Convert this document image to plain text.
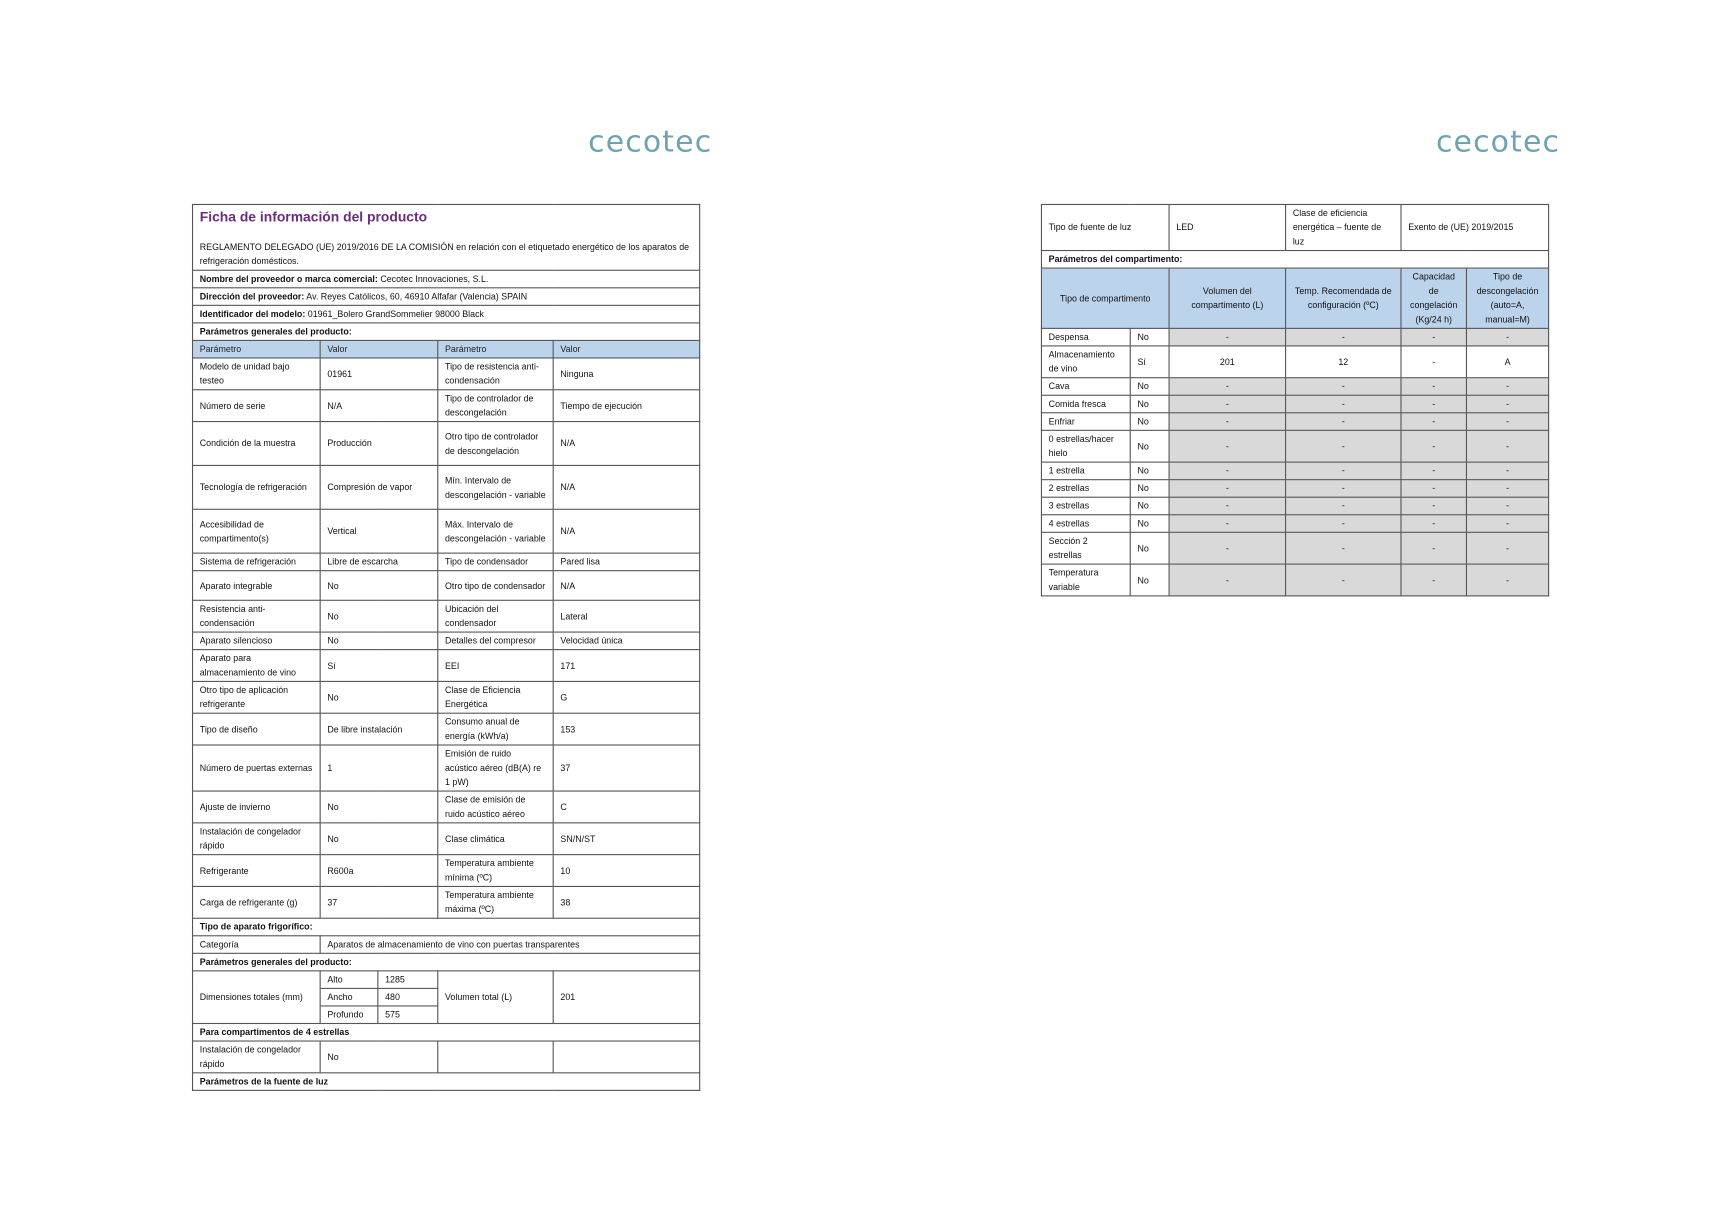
cecotec	cecotec
Ficha de información del producto				
REGLAMENTO DELEGADO (UE) 2019/2016 DE LA COMISIÓN en relación con el etiquetado energético de los aparatos de refrigeración domésticos.				
Nombre del proveedor o marca comercial: Cecotec Innovaciones, S.L.				
Dirección del proveedor: Av. Reyes Católicos, 60, 46910 Alfafar (Valencia) SPAIN				
Identificador del modelo: 01961_Bolero GrandSommelier 98000 Black				
Parámetros generales del producto:				
Parámetro	Valor		Parámetro	Valor
Modelo de unidad bajo testeo	01961		Tipo de resistencia anti-condensación	Ninguna
Número de serie	N/A		Tipo de controlador de descongelación	Tiempo de ejecución
Condición de la muestra	Producción		Otro tipo de controlador de descongelación	N/A
Tecnología de refrigeración	Compresión de vapor		Mín. Intervalo de descongelación - variable	N/A
Accesibilidad de compartimento(s)	Vertical		Máx. Intervalo de descongelación - variable	N/A
Sistema de refrigeración	Libre de escarcha		Tipo de condensador	Pared lisa
Aparato integrable	No		Otro tipo de condensador	N/A
Resistencia anti-condensación	No		Ubicación del condensador	Lateral
Aparato silencioso	No		Detalles del compresor	Velocidad única
Aparato para almacenamiento de vino	Sí		EEI	171
Otro tipo de aplicación refrigerante	No		Clase de Eficiencia Energética	G
Tipo de diseño	De libre instalación		Consumo anual de energía (kWh/a)	153
Número de puertas externas	1		Emisión de ruido acústico aéreo (dB(A) re 1 pW)	37
Ajuste de invierno	No		Clase de emisión de ruido acústico aéreo	C
Instalación de congelador rápido	No		Clase climática	SN/N/ST
Refrigerante	R600a		Temperatura ambiente mínima (ºC)	10
Carga de refrigerante (g)	37		Temperatura ambiente máxima (ºC)	38
Tipo de aparato frigorífico:				
Categoría	Aparatos de almacenamiento de vino con puertas transparentes			
Parámetros generales del producto:				
Dimensiones totales (mm)	Alto	1285	Volumen total (L)	201
	Ancho	480		
	Profundo	575		
Para compartimentos de 4 estrellas				
Instalación de congelador rápido	No			
Parámetros de la fuente de luz				
Tipo de fuente de luz		LED	Clase de eficiencia energética – fuente de luz	Exento de (UE) 2019/2015	
Parámetros del compartimento:					
Tipo de compartimento		Volumen del compartimento (L)	Temp. Recomendada de configuración (ºC)	Capacidad de congelación (Kg/24 h)	Tipo de descongelación (auto=A, manual=M)
Despensa	No	-	-	-	-
Almacenamiento de vino	Sí	201	12	-	A
Cava	No	-	-	-	-
Comida fresca	No	-	-	-	-
Enfriar	No	-	-	-	-
0 estrellas/hacer hielo	No	-	-	-	-
1 estrella	No	-	-	-	-
2 estrellas	No	-	-	-	-
3 estrellas	No	-	-	-	-
4 estrellas	No	-	-	-	-
Sección 2 estrellas	No	-	-	-	-
Temperatura variable	No	-	-	-	-
